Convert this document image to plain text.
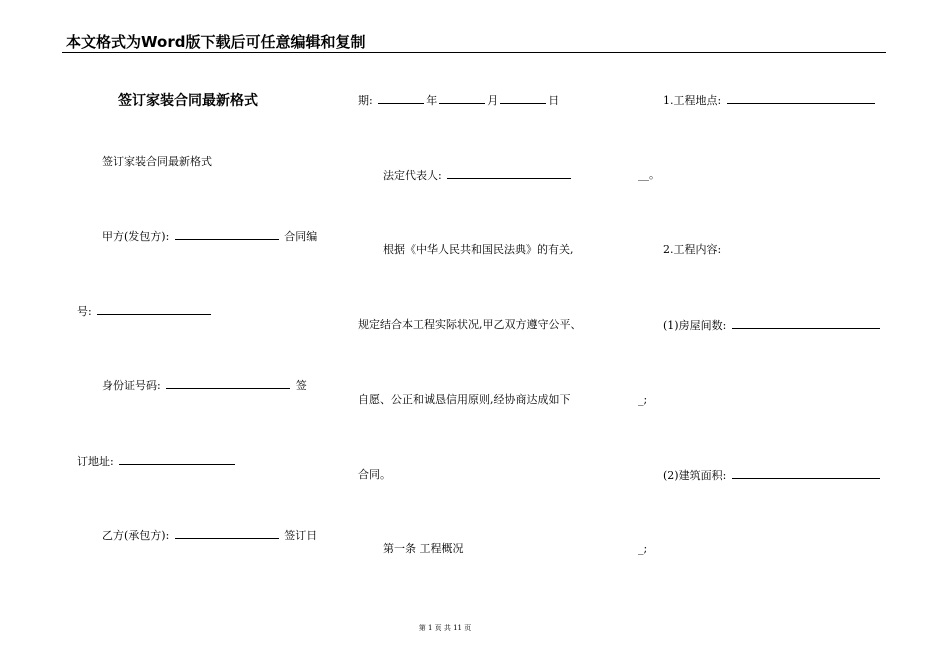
本文格式为Word版下载后可任意编辑和复制
签订家装合同最新格式
签订家装合同最新格式
甲方(发包方):	合同编
号:
身份证号码:	签
订地址:
乙方(承包方):	签订日
期:	年	月	日
法定代表人:
根据《中华人民共和国民法典》的有关,
规定结合本工程实际状况,甲乙双方遵守公平、
自愿、公正和诚恳信用原则,经协商达成如下
合同。
第一条 工程概况
1.工程地点:
__。
2.工程内容:
(1)房屋间数:
_;
(2)建筑面积:
_;
第 1 页 共 11 页
